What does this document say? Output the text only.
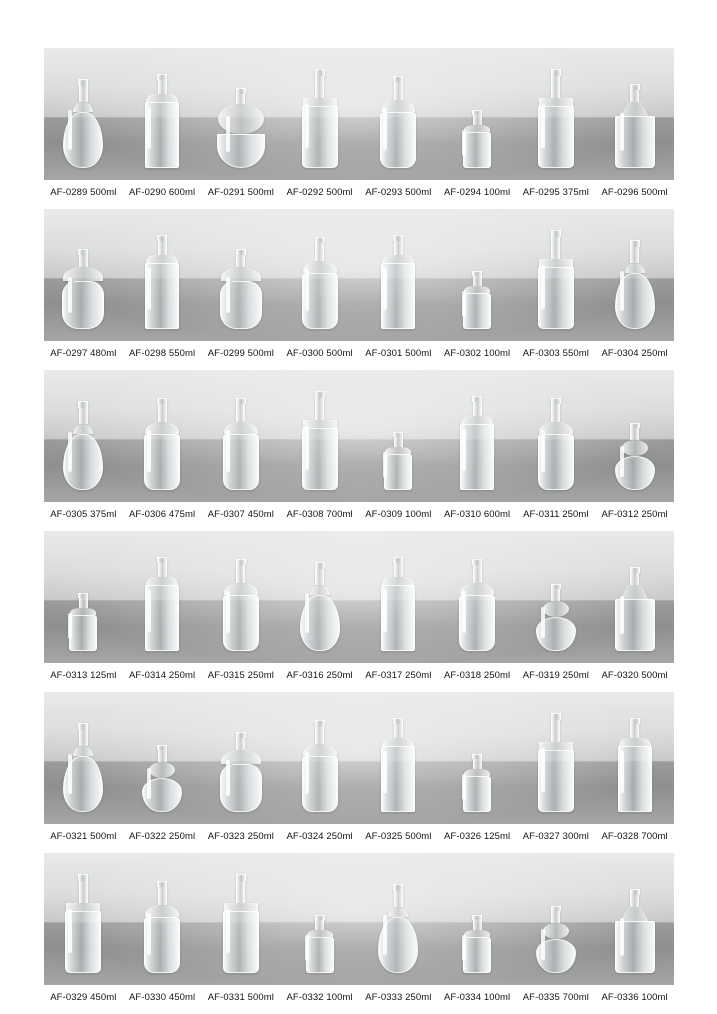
AF-0289 500ml	AF-0290 600ml	AF-0291 500ml	AF-0292 500ml	AF-0293 500ml	AF-0294 100ml	AF-0295 375ml	AF-0296 500ml
AF-0297 480ml	AF-0298 550ml	AF-0299 500ml	AF-0300 500ml	AF-0301 500ml	AF-0302 100ml	AF-0303 550ml	AF-0304 250ml
AF-0305 375ml	AF-0306 475ml	AF-0307 450ml	AF-0308 700ml	AF-0309 100ml	AF-0310 600ml	AF-0311 250ml	AF-0312 250ml
AF-0313 125ml	AF-0314 250ml	AF-0315 250ml	AF-0316 250ml	AF-0317 250ml	AF-0318 250ml	AF-0319 250ml	AF-0320 500ml
AF-0321 500ml	AF-0322 250ml	AF-0323 250ml	AF-0324 250ml	AF-0325 500ml	AF-0326 125ml	AF-0327 300ml	AF-0328 700ml
AF-0329 450ml	AF-0330 450ml	AF-0331 500ml	AF-0332 100ml	AF-0333 250ml	AF-0334 100ml	AF-0335 700ml	AF-0336 100ml
